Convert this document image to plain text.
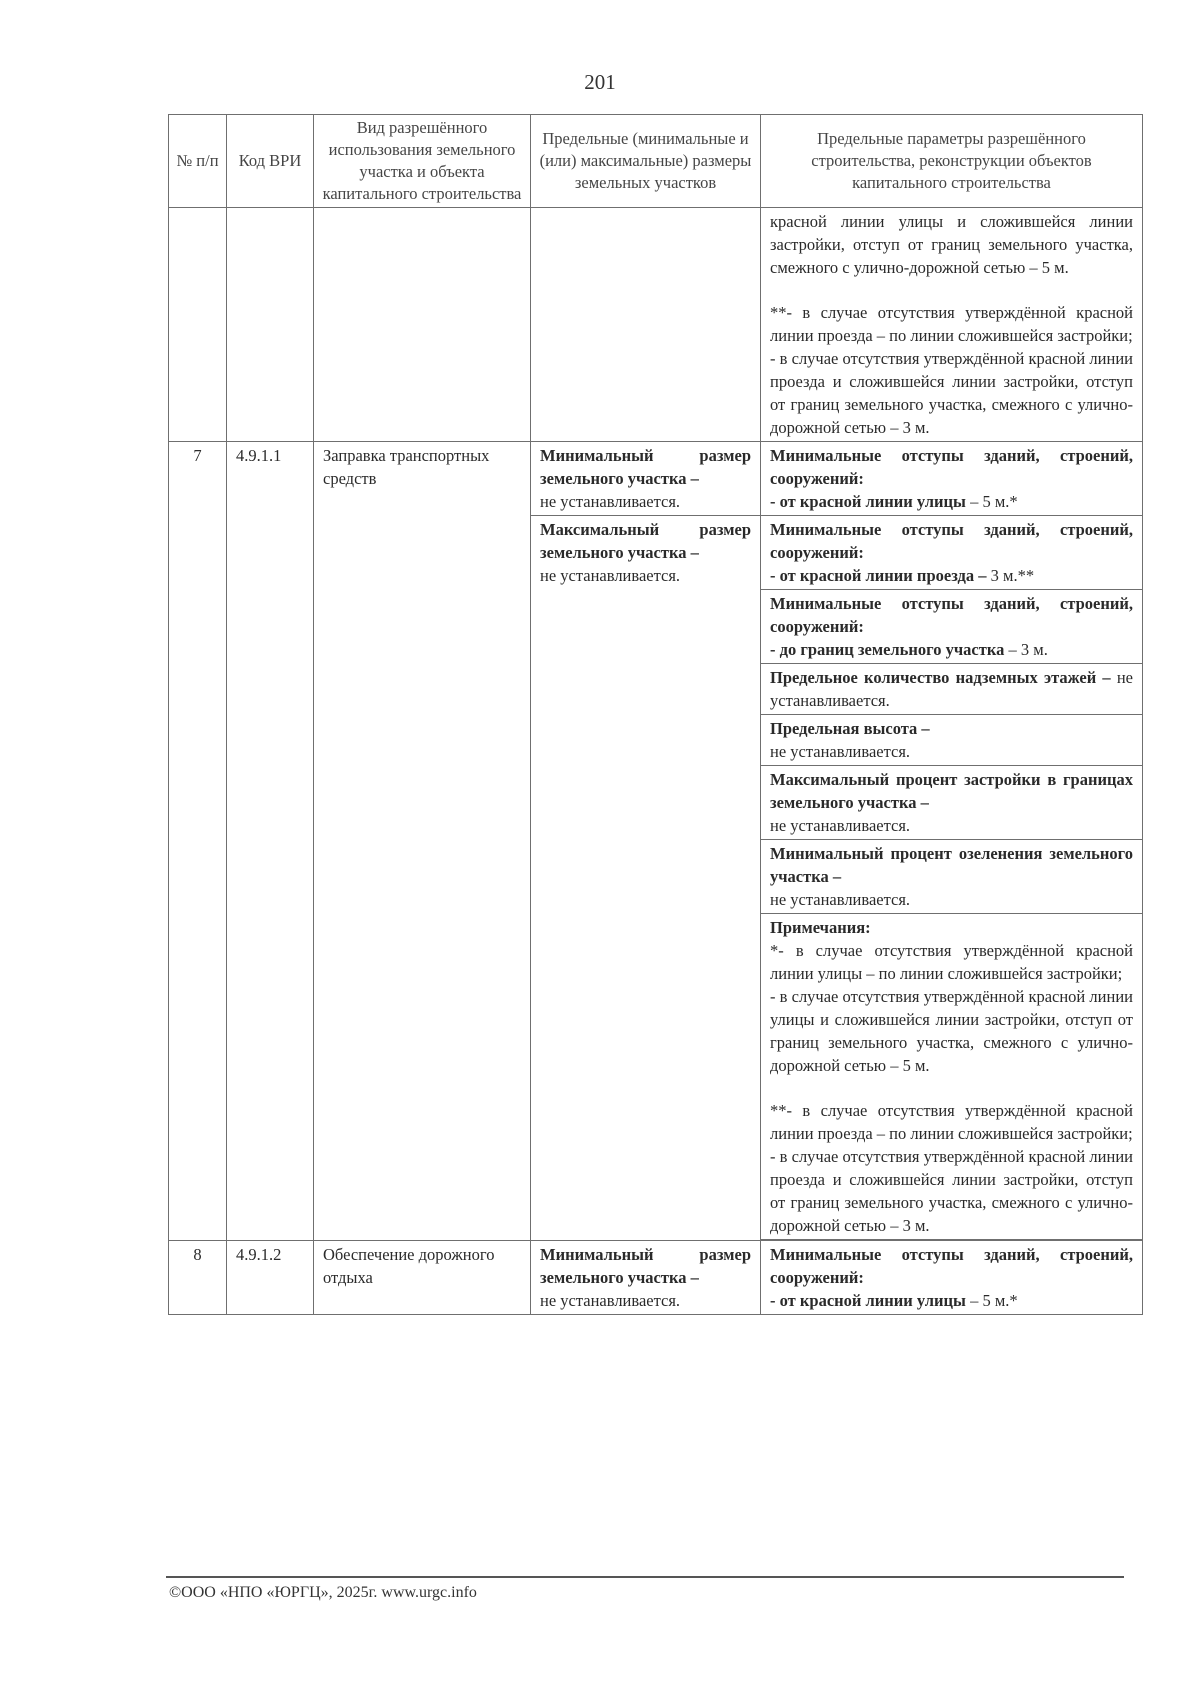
201
№ п/п	Код ВРИ	Вид разрешённого использования земельного участка и объекта капитального строительства	Предельные (минимальные и (или) максимальные) размеры земельных участков	Предельные параметры разрешённого строительства, реконструкции объектов капитального строительства

				красной линии улицы и сложившейся линии застройки, отступ от границ земельного участка, смежного с улично-дорожной сетью – 5 м.
**- в случае отсутствия утверждённой красной линии проезда – по линии сложившейся застройки;
- в случае отсутствия утверждённой красной линии проезда и сложившейся линии застройки, отступ от границ земельного участка, смежного с улично-дорожной сетью – 3 м.

7	4.9.1.1	Заправка транспортных средств	Минимальный размер земельного участка –
не устанавливается.	Минимальные отступы зданий, строений, сооружений:
- от красной линии улицы – 5 м.*
			Максимальный размер земельного участка –
не устанавливается.	Минимальные отступы зданий, строений, сооружений:
- от красной линии проезда – 3 м.**

				Минимальные отступы зданий, строений, сооружений:
- до границ земельного участка – 3 м.
				Предельное количество надземных этажей – не устанавливается.
				Предельная высота –
не устанавливается.
				Максимальный процент застройки в границах земельного участка –
не устанавливается.
				Минимальный процент озеленения земельного участка –
не устанавливается.

				Примечания:
*- в случае отсутствия утверждённой красной линии улицы – по линии сложившейся застройки;
- в случае отсутствия утверждённой красной линии улицы и сложившейся линии застройки, отступ от границ земельного участка, смежного с улично-дорожной сетью – 5 м.
**- в случае отсутствия утверждённой красной линии проезда – по линии сложившейся застройки;
- в случае отсутствия утверждённой красной линии проезда и сложившейся линии застройки, отступ от границ земельного участка, смежного с улично-дорожной сетью – 3 м.

8	4.9.1.2	Обеспечение дорожного отдыха	Минимальный размер земельного участка –
не устанавливается.	Минимальные отступы зданий, строений, сооружений:
- от красной линии улицы – 5 м.*
©ООО «НПО «ЮРГЦ», 2025г. www.urgc.info
